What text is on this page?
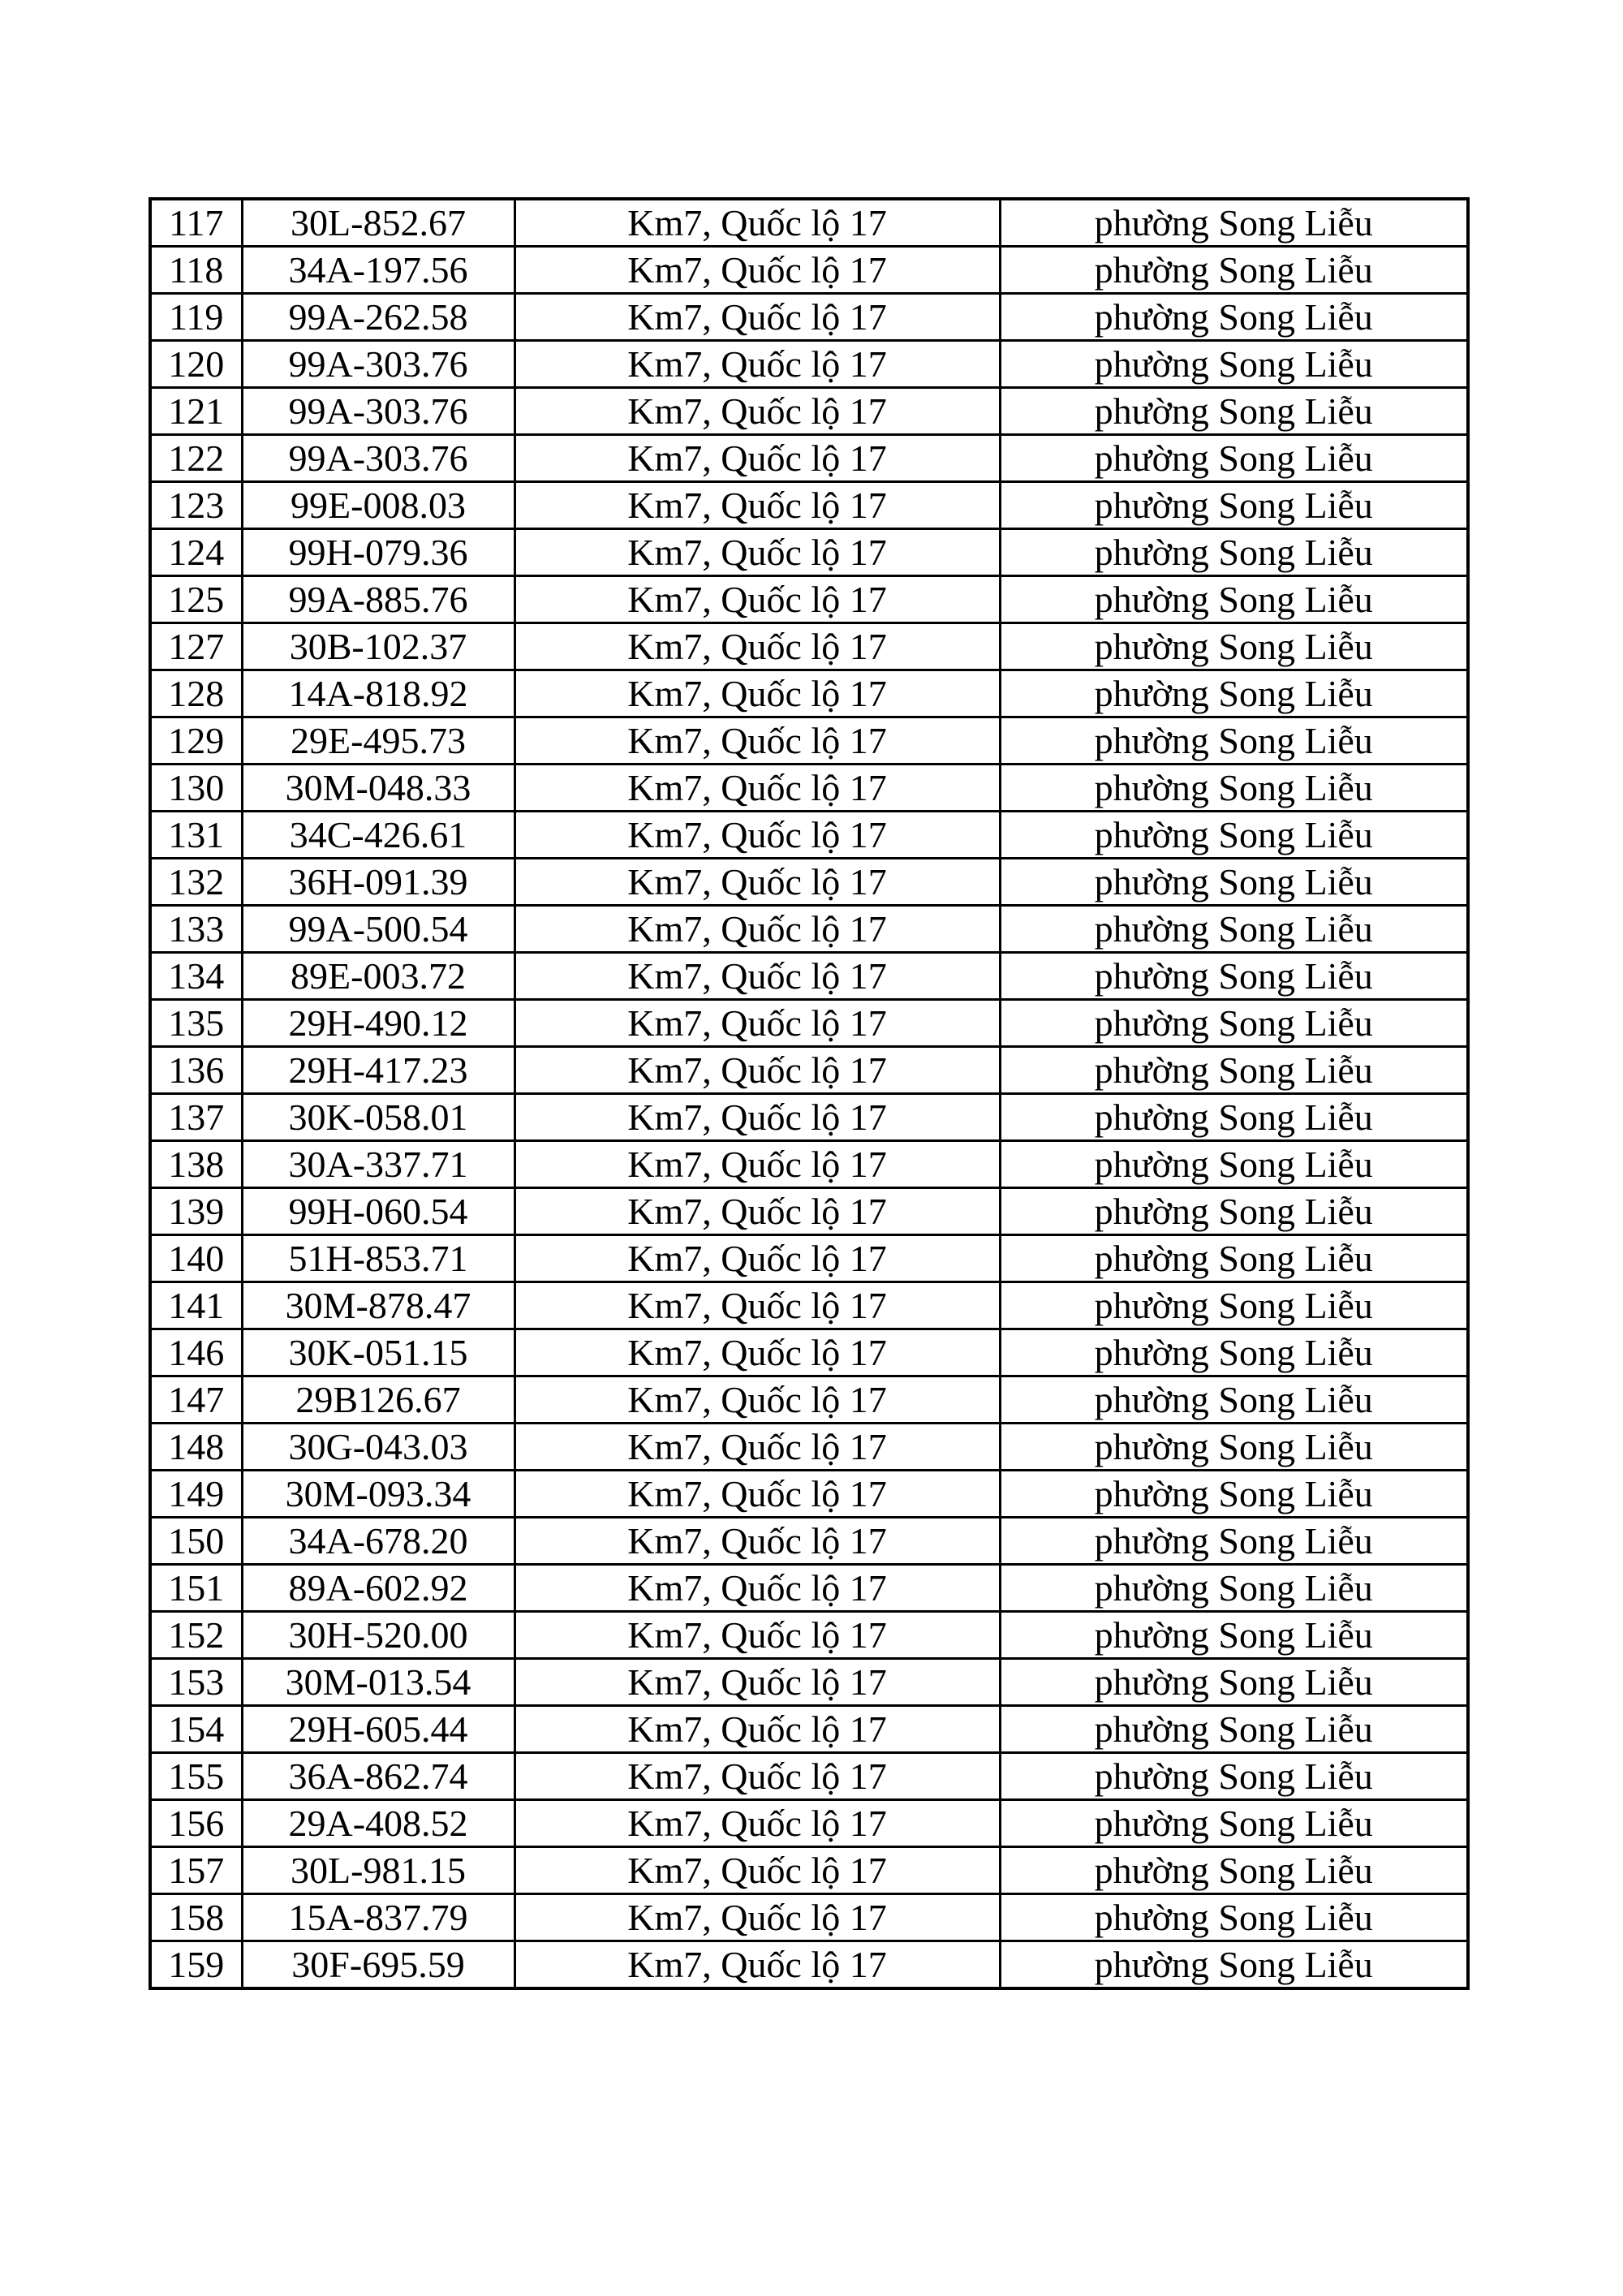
117	30L-852.67	Km7, Quốc lộ 17	phường Song Liễu
118	34A-197.56	Km7, Quốc lộ 17	phường Song Liễu
119	99A-262.58	Km7, Quốc lộ 17	phường Song Liễu
120	99A-303.76	Km7, Quốc lộ 17	phường Song Liễu
121	99A-303.76	Km7, Quốc lộ 17	phường Song Liễu
122	99A-303.76	Km7, Quốc lộ 17	phường Song Liễu
123	99E-008.03	Km7, Quốc lộ 17	phường Song Liễu
124	99H-079.36	Km7, Quốc lộ 17	phường Song Liễu
125	99A-885.76	Km7, Quốc lộ 17	phường Song Liễu
127	30B-102.37	Km7, Quốc lộ 17	phường Song Liễu
128	14A-818.92	Km7, Quốc lộ 17	phường Song Liễu
129	29E-495.73	Km7, Quốc lộ 17	phường Song Liễu
130	30M-048.33	Km7, Quốc lộ 17	phường Song Liễu
131	34C-426.61	Km7, Quốc lộ 17	phường Song Liễu
132	36H-091.39	Km7, Quốc lộ 17	phường Song Liễu
133	99A-500.54	Km7, Quốc lộ 17	phường Song Liễu
134	89E-003.72	Km7, Quốc lộ 17	phường Song Liễu
135	29H-490.12	Km7, Quốc lộ 17	phường Song Liễu
136	29H-417.23	Km7, Quốc lộ 17	phường Song Liễu
137	30K-058.01	Km7, Quốc lộ 17	phường Song Liễu
138	30A-337.71	Km7, Quốc lộ 17	phường Song Liễu
139	99H-060.54	Km7, Quốc lộ 17	phường Song Liễu
140	51H-853.71	Km7, Quốc lộ 17	phường Song Liễu
141	30M-878.47	Km7, Quốc lộ 17	phường Song Liễu
146	30K-051.15	Km7, Quốc lộ 17	phường Song Liễu
147	29B126.67	Km7, Quốc lộ 17	phường Song Liễu
148	30G-043.03	Km7, Quốc lộ 17	phường Song Liễu
149	30M-093.34	Km7, Quốc lộ 17	phường Song Liễu
150	34A-678.20	Km7, Quốc lộ 17	phường Song Liễu
151	89A-602.92	Km7, Quốc lộ 17	phường Song Liễu
152	30H-520.00	Km7, Quốc lộ 17	phường Song Liễu
153	30M-013.54	Km7, Quốc lộ 17	phường Song Liễu
154	29H-605.44	Km7, Quốc lộ 17	phường Song Liễu
155	36A-862.74	Km7, Quốc lộ 17	phường Song Liễu
156	29A-408.52	Km7, Quốc lộ 17	phường Song Liễu
157	30L-981.15	Km7, Quốc lộ 17	phường Song Liễu
158	15A-837.79	Km7, Quốc lộ 17	phường Song Liễu
159	30F-695.59	Km7, Quốc lộ 17	phường Song Liễu
